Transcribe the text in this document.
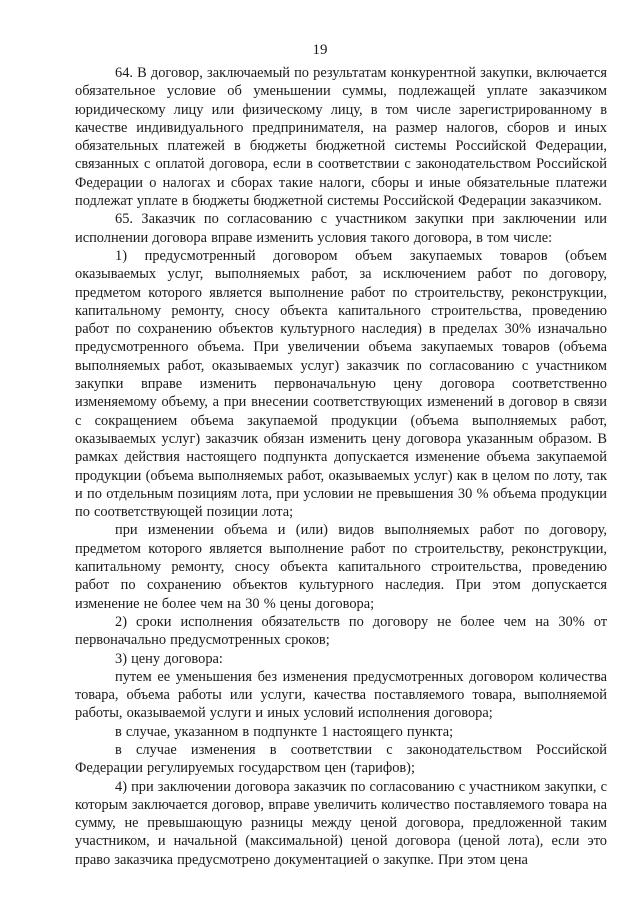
19

64. В договор, заключаемый по результатам конкурентной закупки, включается обязательное условие об уменьшении суммы, подлежащей уплате заказчиком юридическому лицу или физическому лицу, в том числе зарегистрированному в качестве индивидуального предпринимателя, на размер налогов, сборов и иных обязательных платежей в бюджеты бюджетной системы Российской Федерации, связанных с оплатой договора, если в соответствии с законодательством Российской Федерации о налогах и сборах такие налоги, сборы и иные обязательные платежи подлежат уплате в бюджеты бюджетной системы Российской Федерации заказчиком.

65. Заказчик по согласованию с участником закупки при заключении или исполнении договора вправе изменить условия такого договора, в том числе:

1) предусмотренный договором объем закупаемых товаров (объем оказываемых услуг, выполняемых работ, за исключением работ по договору, предметом которого является выполнение работ по строительству, реконструкции, капитальному ремонту, сносу объекта капитального строительства, проведению работ по сохранению объектов культурного наследия) в пределах 30% изначально предусмотренного объема. При увеличении объема закупаемых товаров (объема выполняемых работ, оказываемых услуг) заказчик по согласованию с участником закупки вправе изменить первоначальную цену договора соответственно изменяемому объему, а при внесении соответствующих изменений в договор в связи с сокращением объема закупаемой продукции (объема выполняемых работ, оказываемых услуг) заказчик обязан изменить цену договора указанным образом. В рамках действия настоящего подпункта допускается изменение объема закупаемой продукции (объема выполняемых работ, оказываемых услуг) как в целом по лоту, так и по отдельным позициям лота, при условии не превышения 30 % объема продукции по соответствующей позиции лота;

при изменении объема и (или) видов выполняемых работ по договору, предметом которого является выполнение работ по строительству, реконструкции, капитальному ремонту, сносу объекта капитального строительства, проведению работ по сохранению объектов культурного наследия. При этом допускается изменение не более чем на 30 % цены договора;

2) сроки исполнения обязательств по договору не более чем на 30% от первоначально предусмотренных сроков;

3) цену договора:

путем ее уменьшения без изменения предусмотренных договором количества товара, объема работы или услуги, качества поставляемого товара, выполняемой работы, оказываемой услуги и иных условий исполнения договора;

в случае, указанном в подпункте 1 настоящего пункта;

в случае изменения в соответствии с законодательством Российской Федерации регулируемых государством цен (тарифов);

4) при заключении договора заказчик по согласованию с участником закупки, с которым заключается договор, вправе увеличить количество поставляемого товара на сумму, не превышающую разницы между ценой договора, предложенной таким участником, и начальной (максимальной) ценой договора (ценой лота), если это право заказчика предусмотрено документацией о закупке. При этом цена
